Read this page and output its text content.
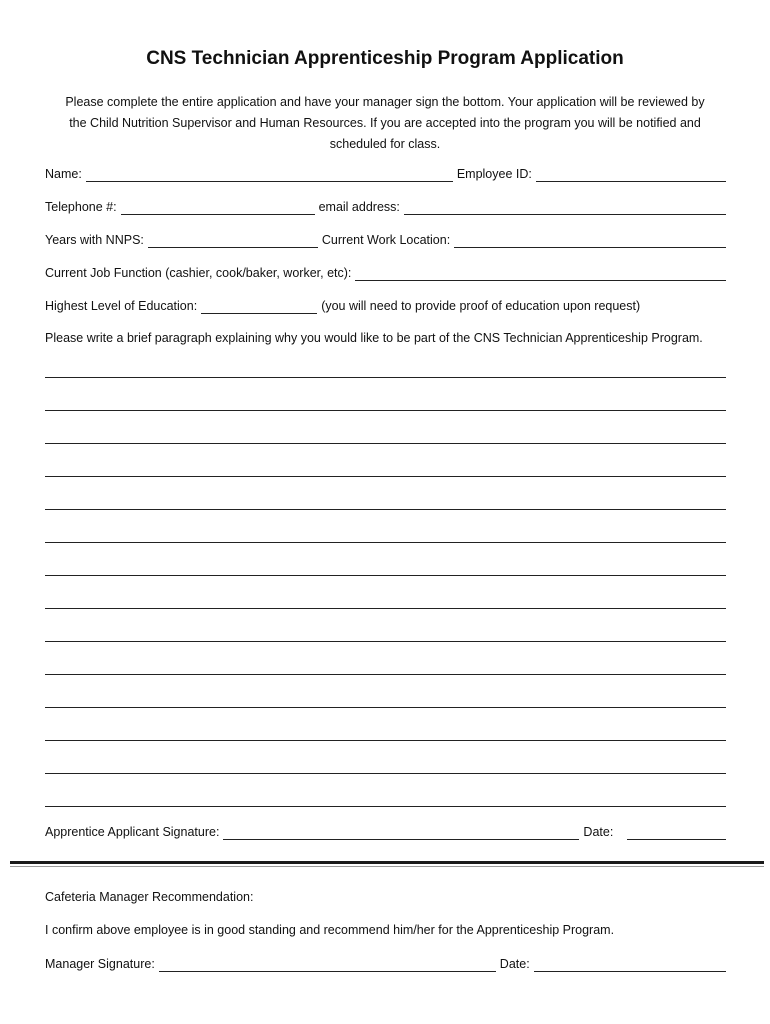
CNS Technician Apprenticeship Program Application
Please complete the entire application and have your manager sign the bottom. Your application will be reviewed by
the Child Nutrition Supervisor and Human Resources. If you are accepted into the program you will be notified and
scheduled for class.
Name:	Employee ID:
Telephone #:	email address:
Years with NNPS:	Current Work Location:
Current Job Function (cashier, cook/baker, worker, etc):
Highest Level of Education:	(you will need to provide proof of education upon request)
Please write a brief paragraph explaining why you would like to be part of the CNS Technician Apprenticeship Program.
Apprentice Applicant Signature:	Date:
Cafeteria Manager Recommendation:
I confirm above employee is in good standing and recommend him/her for the Apprenticeship Program.
Manager Signature:	Date:
